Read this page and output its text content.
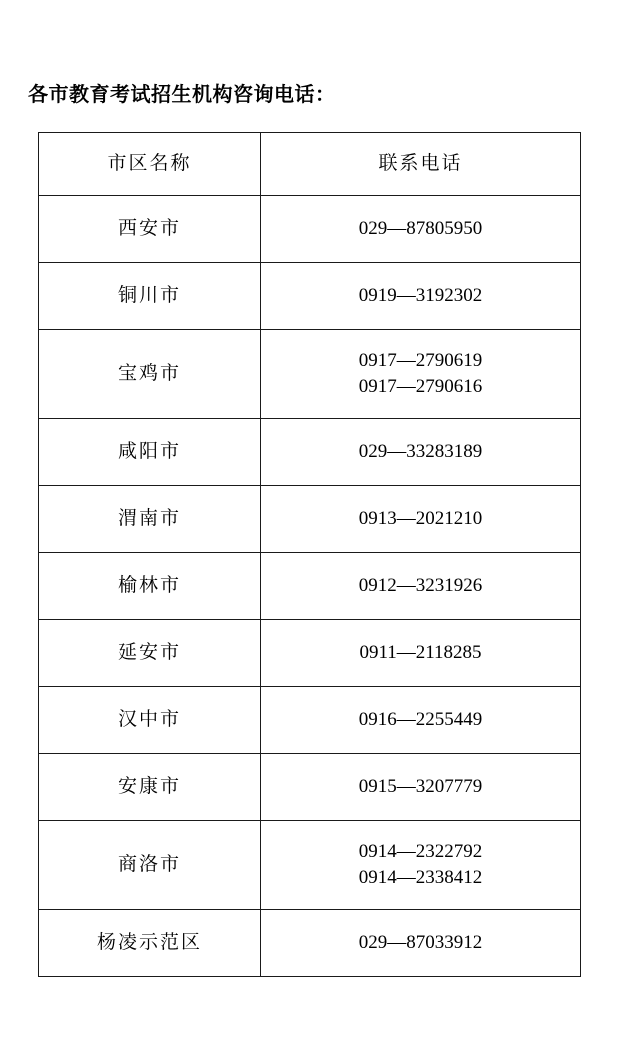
各市教育考试招生机构咨询电话：
市区名称	联系电话
西安市	029—87805950

铜川市	0919—3192302

宝鸡市	0917—2790619
0917—2790616

咸阳市	029—33283189

渭南市	0913—2021210

榆林市	0912—3231926

延安市	0911—2118285

汉中市	0916—2255449

安康市	0915—3207779

商洛市	0914—2322792
0914—2338412

杨凌示范区	029—87033912
